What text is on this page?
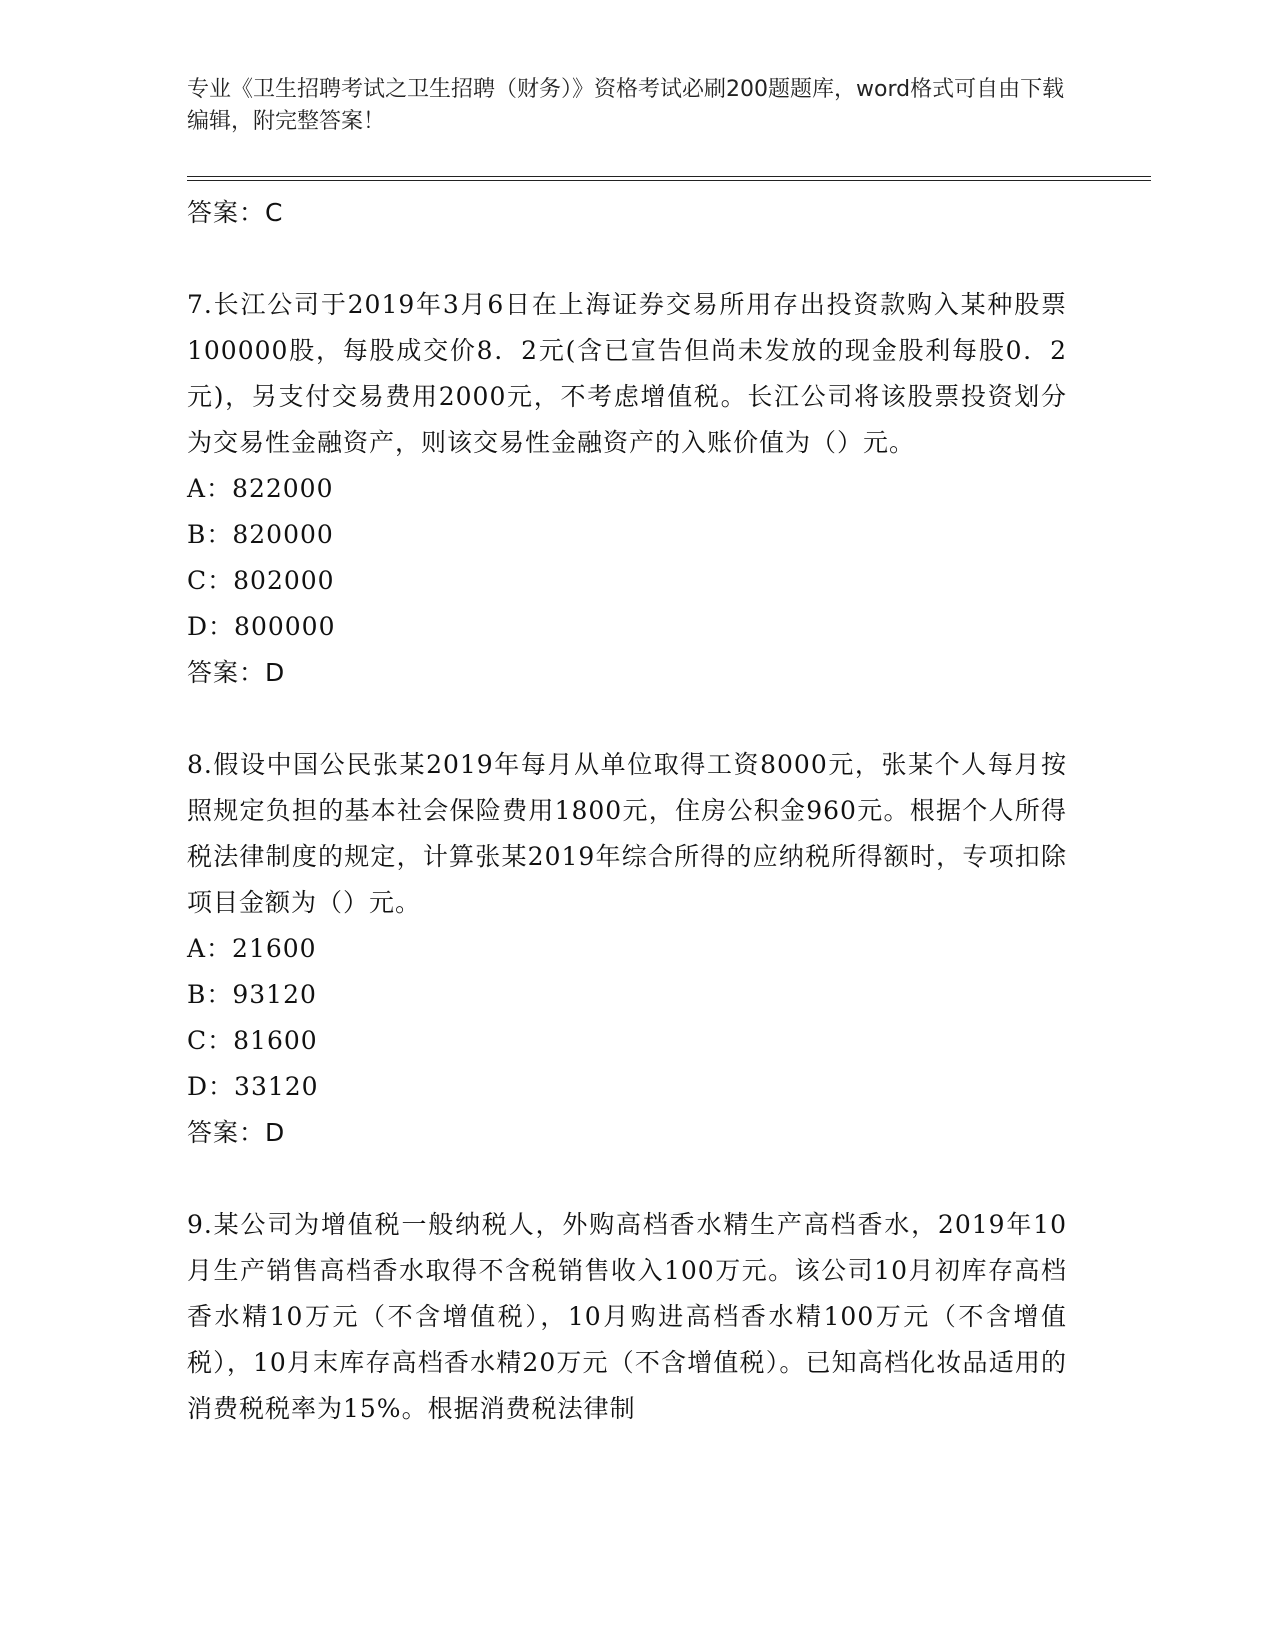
专业《卫生招聘考试之卫生招聘（财务）》资格考试必刷200题题库，word格式可自由下载编辑，附完整答案！

答案：C

7.长江公司于2019年3月6日在上海证券交易所用存出投资款购入某种股票100000股，每股成交价8．2元(含已宣告但尚未发放的现金股利每股0．2元)，另支付交易费用2000元，不考虑增值税。长江公司将该股票投资划分为交易性金融资产，则该交易性金融资产的入账价值为（）元。

A：822000

B：820000

C：802000

D：800000

答案：D

8.假设中国公民张某2019年每月从单位取得工资8000元，张某个人每月按照规定负担的基本社会保险费用1800元，住房公积金960元。根据个人所得税法律制度的规定，计算张某2019年综合所得的应纳税所得额时，专项扣除项目金额为（）元。

A：21600

B：93120

C：81600

D：33120

答案：D

9.某公司为增值税一般纳税人，外购高档香水精生产高档香水，2019年10月生产销售高档香水取得不含税销售收入100万元。该公司10月初库存高档香水精10万元（不含增值税），10月购进高档香水精100万元（不含增值税），10月末库存高档香水精20万元（不含增值税）。已知高档化妆品适用的消费税税率为15%。根据消费税法律制
